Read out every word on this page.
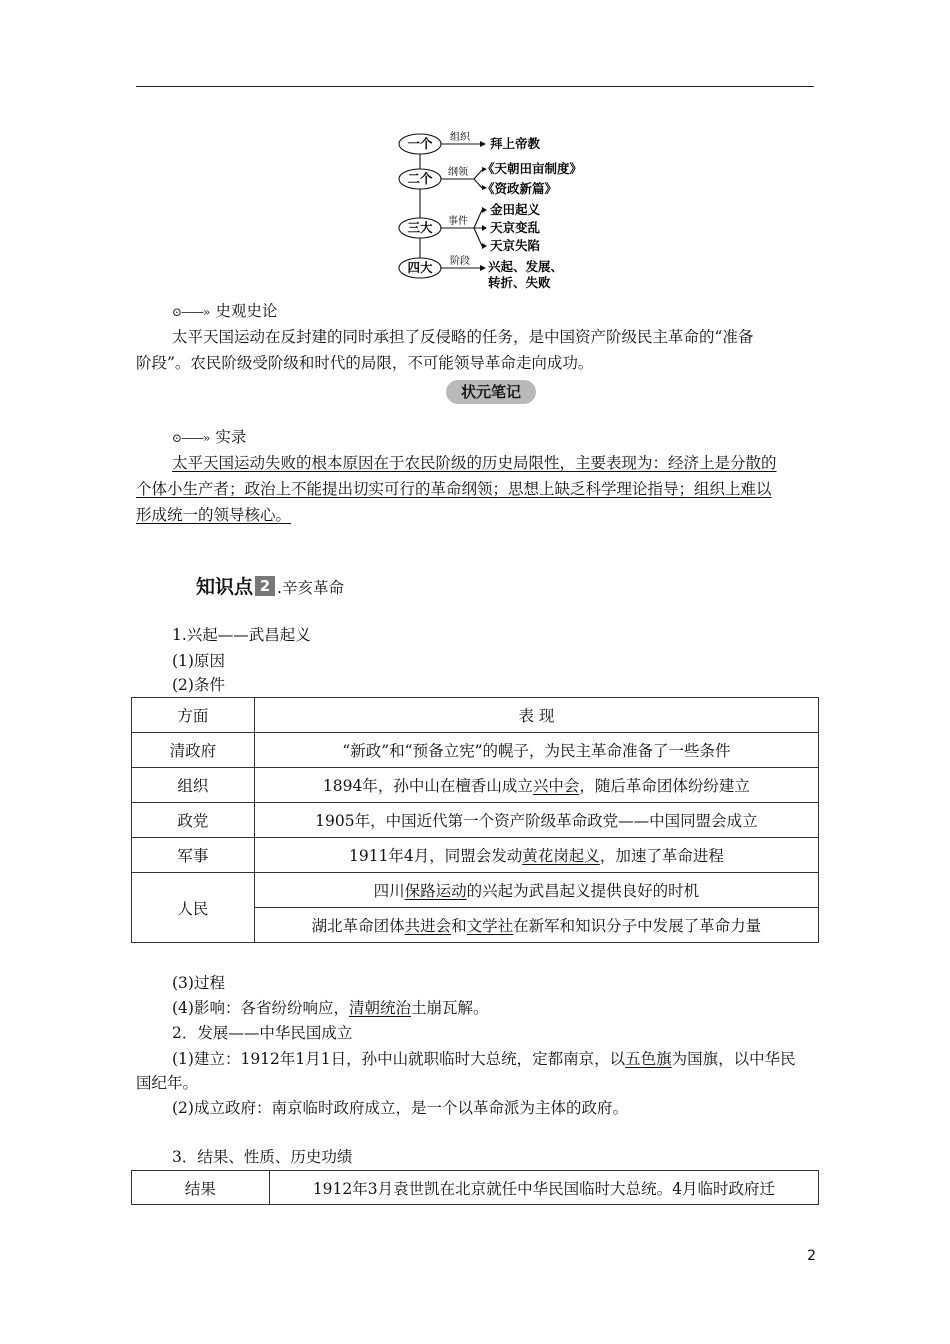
一个
二个
三大
四大
组织
纲领
事件
阶段
拜上帝教
《天朝田亩制度》
《资政新篇》
金田起义
天京变乱
天京失陷
兴起、发展、
转折、失败
⊙——» 史观史论
太平天国运动在反封建的同时承担了反侵略的任务，是中国资产阶级民主革命的“准备
阶段”。农民阶级受阶级和时代的局限，不可能领导革命走向成功。
状元笔记
⊙——» 实录
太平天国运动失败的根本原因在于农民阶级的历史局限性，主要表现为：经济上是分散的
个体小生产者；政治上不能提出切实可行的革命纲领；思想上缺乏科学理论指导；组织上难以
形成统一的领导核心。
知识点 2 .辛亥革命
1.兴起——武昌起义
(1)原因
(2)条件
方面	表 现
清政府	“新政”和“预备立宪”的幌子，为民主革命准备了一些条件
组织	1894年，孙中山在檀香山成立兴中会，随后革命团体纷纷建立
政党	1905年，中国近代第一个资产阶级革命政党——中国同盟会成立
军事	1911年4月，同盟会发动黄花岗起义，加速了革命进程
人民	四川保路运动的兴起为武昌起义提供良好的时机
	湖北革命团体共进会和文学社在新军和知识分子中发展了革命力量
(3)过程
(4)影响：各省纷纷响应，清朝统治土崩瓦解。
2．发展——中华民国成立
(1)建立：1912年1月1日，孙中山就职临时大总统，定都南京，以五色旗为国旗，以中华民
国纪年。
(2)成立政府：南京临时政府成立，是一个以革命派为主体的政府。
3．结果、性质、历史功绩
结果	1912年3月袁世凯在北京就任中华民国临时大总统。4月临时政府迁
2
